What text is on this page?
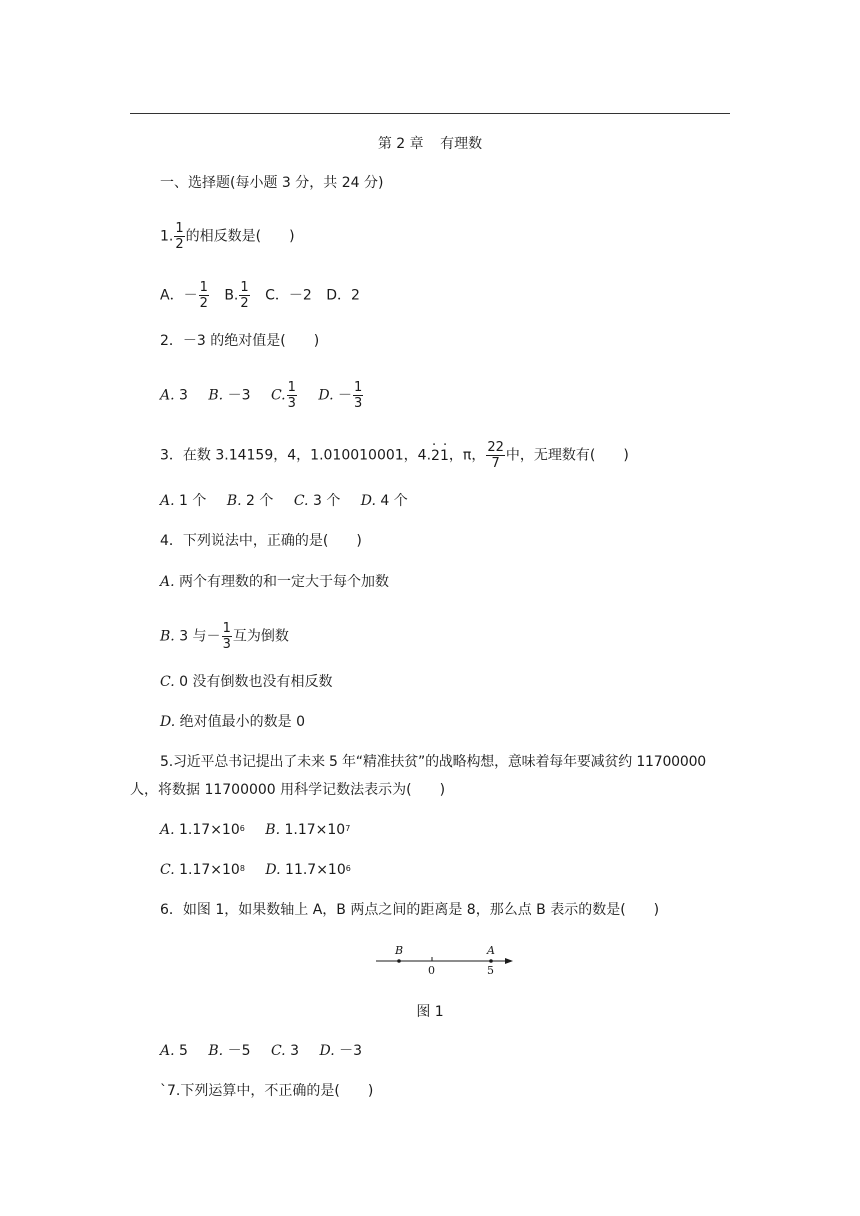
第 2 章 有理数
一、选择题(每小题 3 分，共 24 分)
1. $\frac{1}{2}$ 的相反数是(　　)
A．－ $\frac{1}{2} B$. $\frac{1}{2}$ C．－2 D．2
2．－3 的绝对值是(　　)
A. 3 B. －3 C. $\frac{1}{3} D$. － $\frac{1}{3}$
3．在数 3.14159，4，1.010010001，4.. 2. 1，π， $\frac{22}{7}$ 中，无理数有(　　)
A. 1 个 B. 2 个 C. 3 个 D. 4 个
4．下列说法中，正确的是(　　)
A. 两个有理数的和一定大于每个加数
B. 3 与－ $\frac{1}{3}$ 互为倒数
C. 0 没有倒数也没有相反数
D. 绝对值最小的数是 0
5.习近平总书记提出了未来 5 年“精准扶贫”的战略构想，意味着每年要减贫约 11700000
人，将数据 11700000 用科学记数法表示为(　　)
A. $1.17\times 10^6$ B. $1.17\times 10^7$
C. $1.17\times 10^8$ D. $11.7\times 10^6$
6．如图 1，如果数轴上 A，B 两点之间的距离是 8，那么点 B 表示的数是(　　)
B	A
0	5
图 1
A. 5 B. －5 C. 3 D. －3
`7.下列运算中，不正确的是(　　)
